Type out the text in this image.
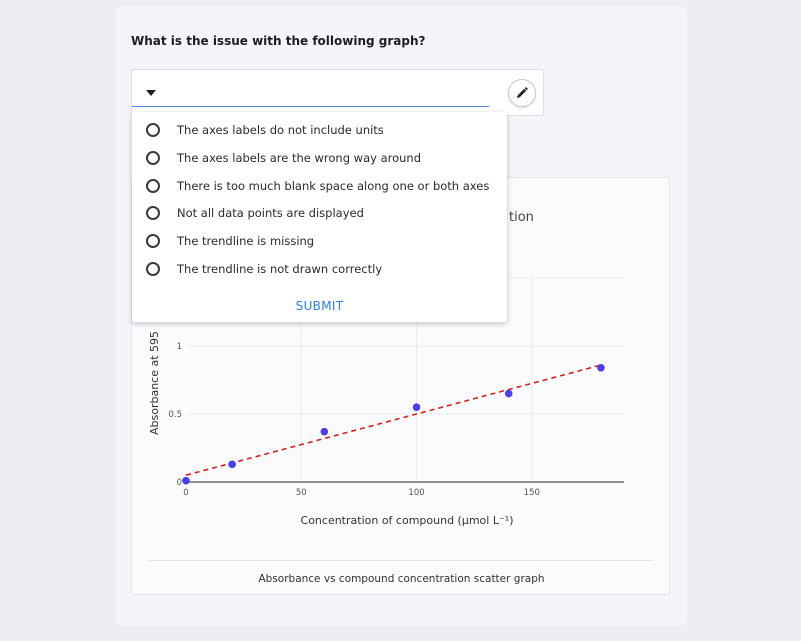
What is the issue with the following graph?
tion
0	50	100	150
0
0.5
1
Concentration of compound (μmol L⁻¹)
Absorbance at 595
Absorbance vs compound concentration scatter graph
The axes labels do not include units
The axes labels are the wrong way around
There is too much blank space along one or both axes
Not all data points are displayed
The trendline is missing
The trendline is not drawn correctly
SUBMIT
